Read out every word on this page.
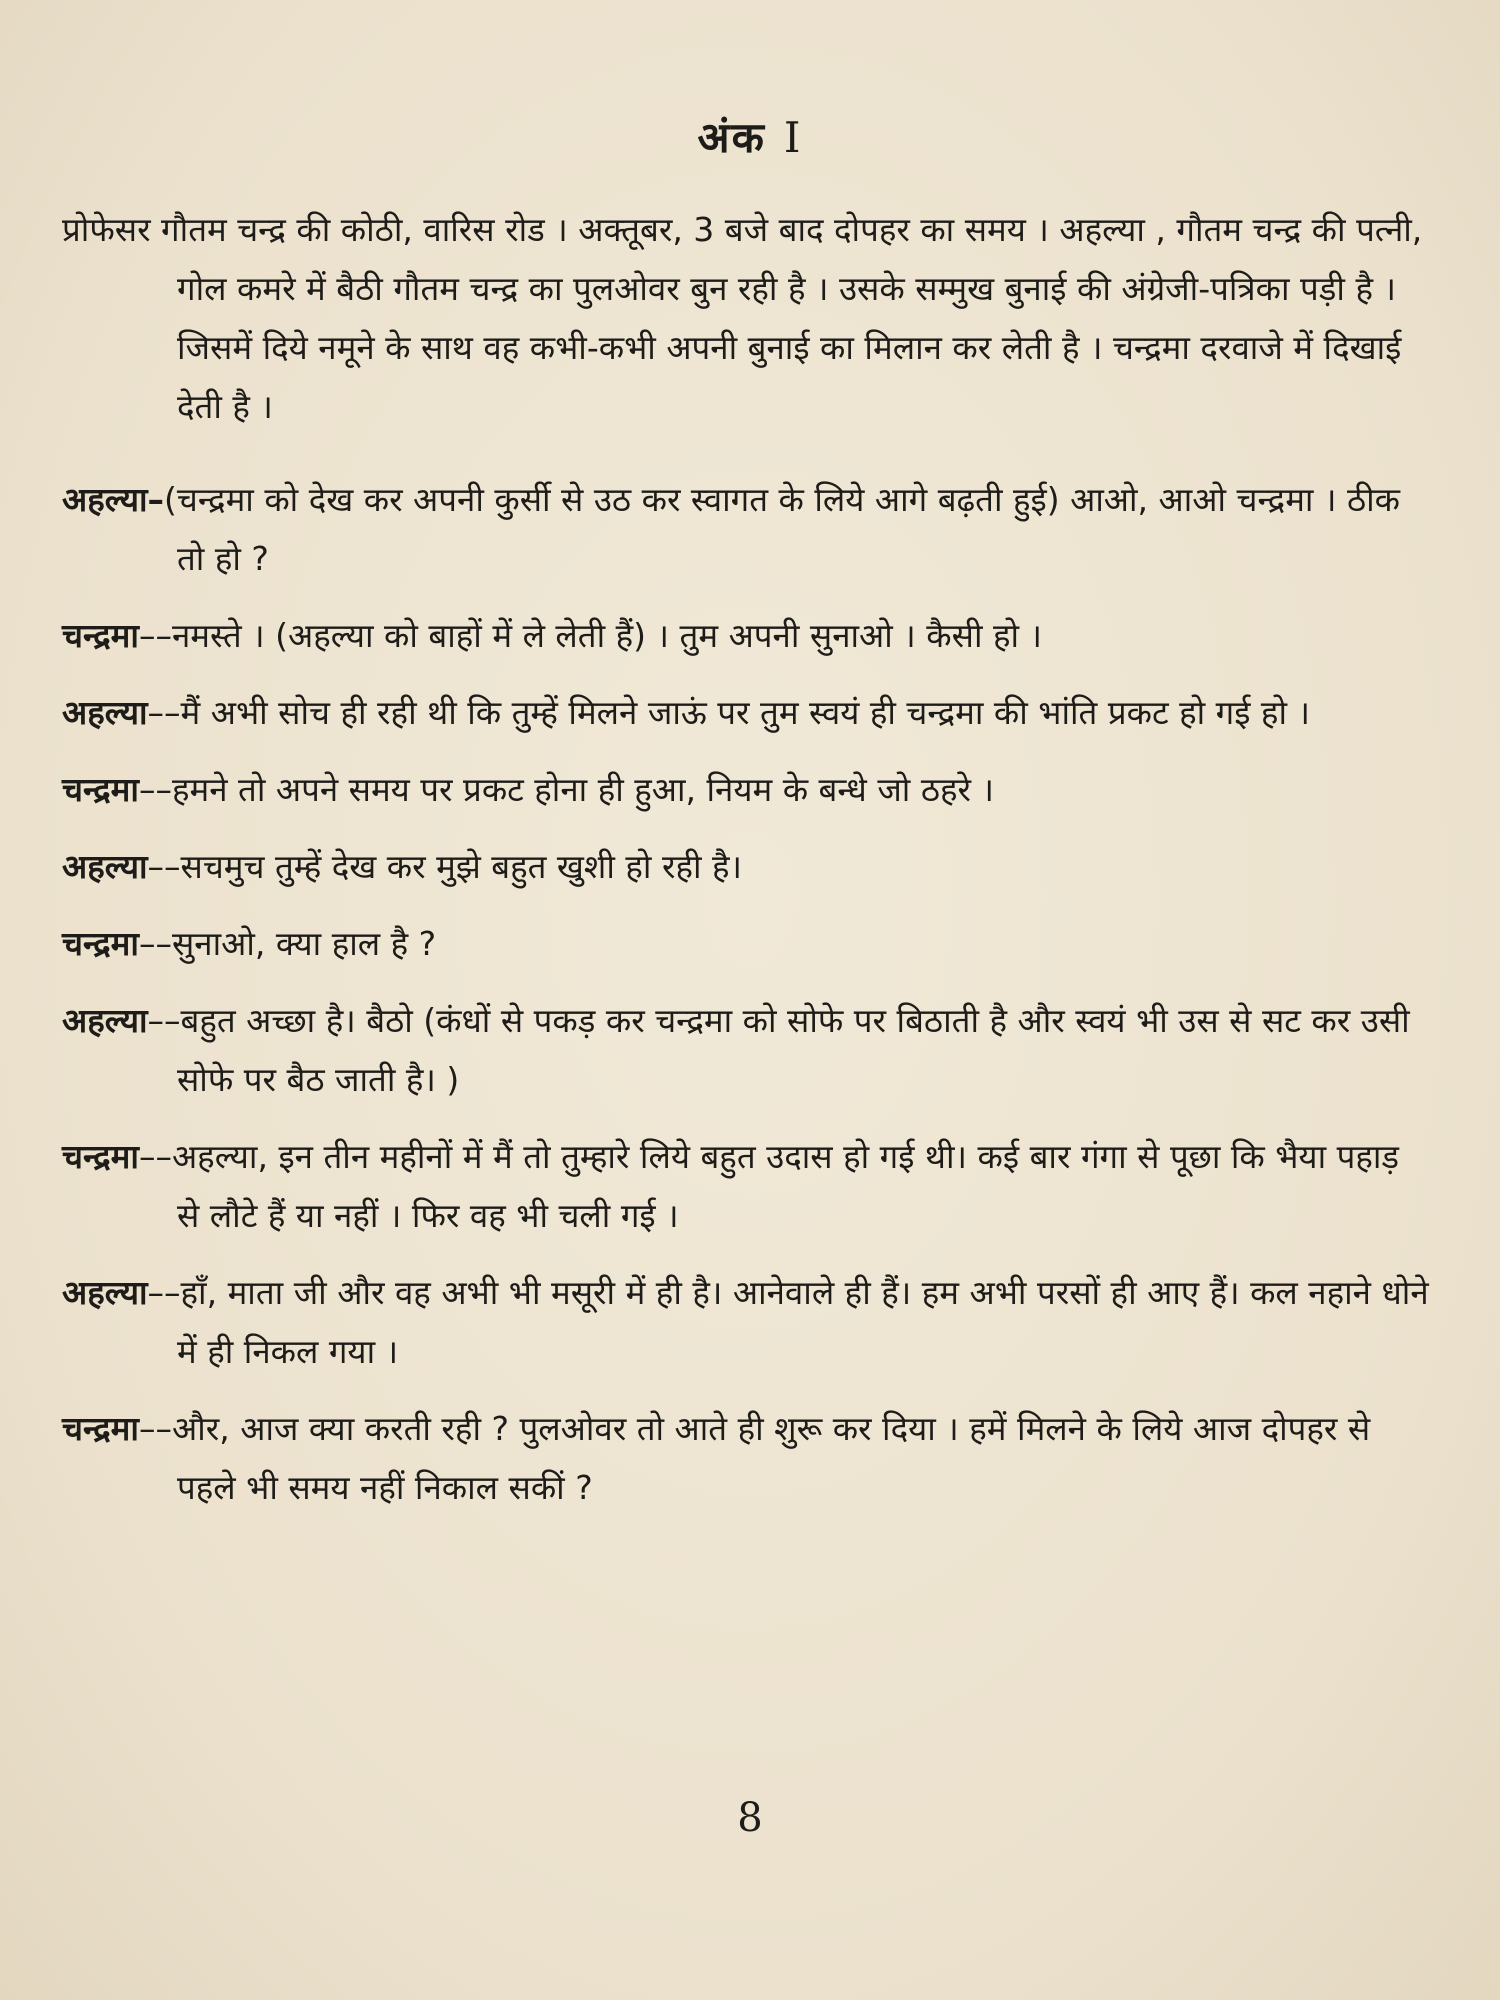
अंक I
प्रोफेसर गौतम चन्द्र की कोठी, वारिस रोड । अक्तूबर, 3 बजे बाद दोपहर का समय । अहल्या , गौतम चन्द्र की पत्नी, गोल कमरे में बैठी गौतम चन्द्र का पुलओवर बुन रही है । उसके सम्मुख बुनाई की अंग्रेजी-पत्रिका पड़ी है ।जिसमें दिये नमूने के साथ वह कभी-कभी अपनी बुनाई का मिलान कर लेती है । चन्द्रमा दरवाजे में दिखाई देती है ।
अहल्या–(चन्द्रमा को देख कर अपनी कुर्सी से उठ कर स्वागत के लिये आगे बढ़ती हुई) आओ, आओ चन्द्रमा । ठीक तो हो ?
चन्द्रमा––नमस्ते । (अहल्या को बाहों में ले लेती हैं) । तुम अपनी सुनाओ । कैसी हो ।
अहल्या––मैं अभी सोच ही रही थी कि तुम्हें मिलने जाऊं पर तुम स्वयं ही चन्द्रमा की भांति प्रकट हो गई हो ।
चन्द्रमा––हमने तो अपने समय पर प्रकट होना ही हुआ, नियम के बन्धे जो ठहरे ।
अहल्या––सचमुच तुम्हें देख कर मुझे बहुत खुशी हो रही है।
चन्द्रमा––सुनाओ, क्या हाल है ?
अहल्या––बहुत अच्छा है। बैठो (कंधों से पकड़ कर चन्द्रमा को सोफे पर बिठाती है और स्वयं भी उस से सट कर उसी सोफे पर बैठ जाती है। )
चन्द्रमा––अहल्या, इन तीन महीनों में मैं तो तुम्हारे लिये बहुत उदास हो गई थी। कई बार गंगा से पूछा कि भैया पहाड़ से लौटे हैं या नहीं । फिर वह भी चली गई ।
अहल्या––हाँ, माता जी और वह अभी भी मसूरी में ही है। आनेवाले ही हैं। हम अभी परसों ही आए हैं। कल नहाने धोने में ही निकल गया ।
चन्द्रमा––और, आज क्या करती रही ? पुलओवर तो आते ही शुरू कर दिया । हमें मिलने के लिये आज दोपहर से पहले भी समय नहीं निकाल सकीं ?
8
